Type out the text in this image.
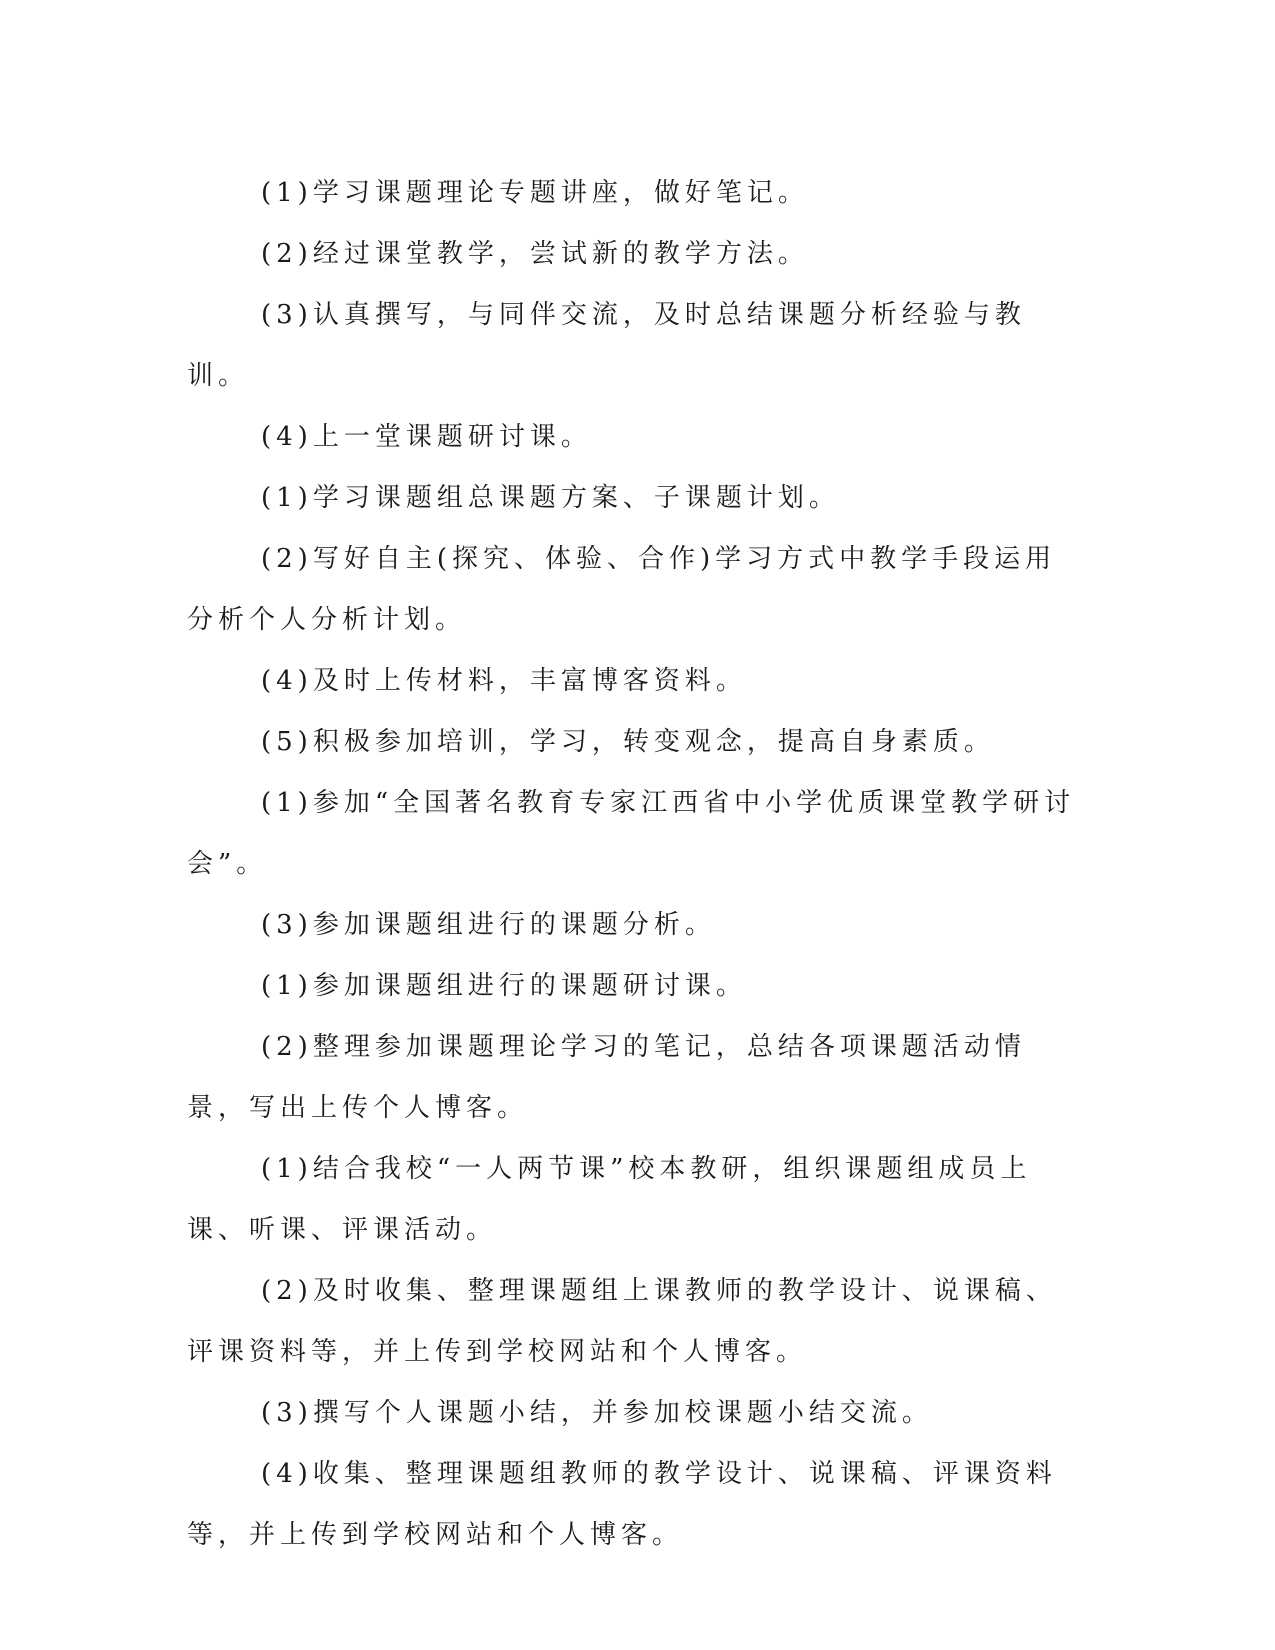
(1)学习课题理论专题讲座，做好笔记。

(2)经过课堂教学，尝试新的教学方法。

(3)认真撰写，与同伴交流，及时总结课题分析经验与教训。

(4)上一堂课题研讨课。

(1)学习课题组总课题方案、子课题计划。

(2)写好自主(探究、体验、合作)学习方式中教学手段运用分析个人分析计划。

(4)及时上传材料，丰富博客资料。

(5)积极参加培训，学习，转变观念，提高自身素质。

(1)参加“全国著名教育专家江西省中小学优质课堂教学研讨会”。

(3)参加课题组进行的课题分析。

(1)参加课题组进行的课题研讨课。

(2)整理参加课题理论学习的笔记，总结各项课题活动情景，写出上传个人博客。

(1)结合我校“一人两节课”校本教研，组织课题组成员上课、听课、评课活动。

(2)及时收集、整理课题组上课教师的教学设计、说课稿、评课资料等，并上传到学校网站和个人博客。

(3)撰写个人课题小结，并参加校课题小结交流。

(4)收集、整理课题组教师的教学设计、说课稿、评课资料等，并上传到学校网站和个人博客。
